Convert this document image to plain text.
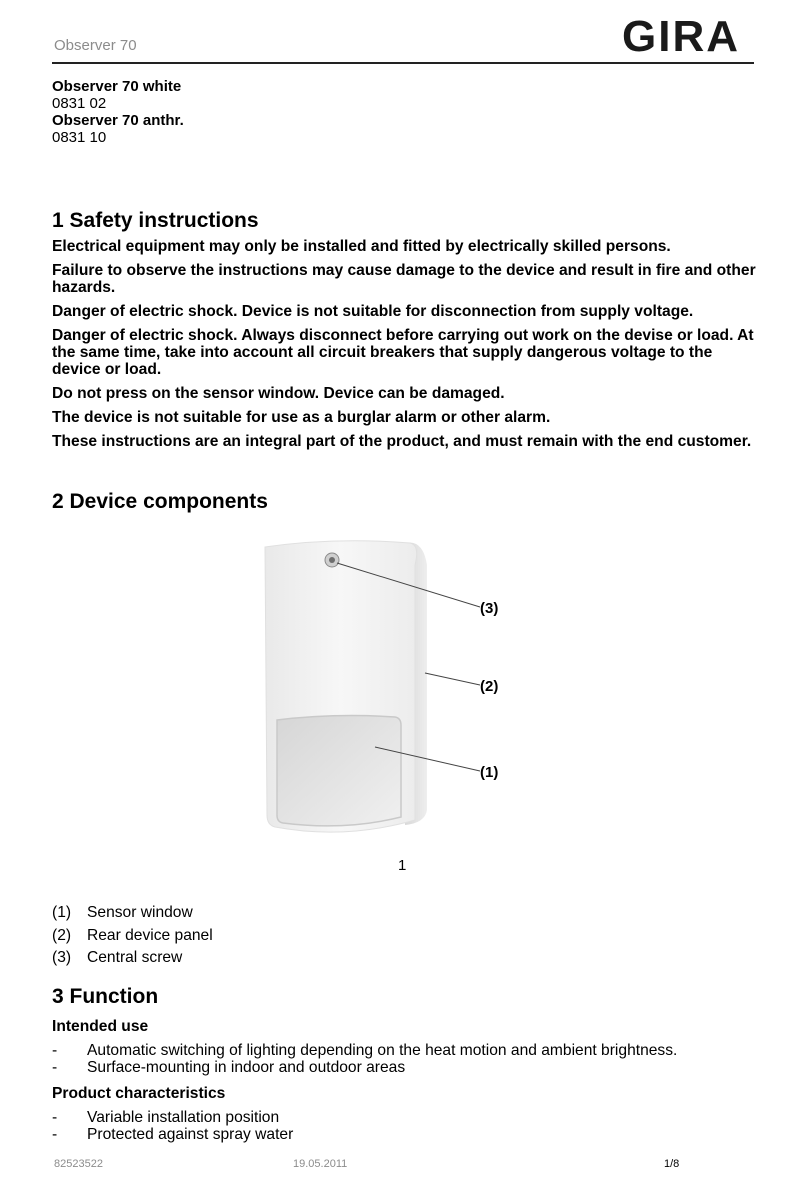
Observer 70	GIRA
Observer 70 white
0831 02
Observer 70 anthr.
0831 10
1 Safety instructions

Electrical equipment may only be installed and fitted by electrically skilled persons.

Failure to observe the instructions may cause damage to the device and result in fire and other hazards.

Danger of electric shock. Device is not suitable for disconnection from supply voltage.

Danger of electric shock. Always disconnect before carrying out work on the devise or load. At the same time, take into account all circuit breakers that supply dangerous voltage to the device or load.

Do not press on the sensor window. Device can be damaged.

The device is not suitable for use as a burglar alarm or other alarm.

These instructions are an integral part of the product, and must remain with the end customer.

2 Device components
(3)
(2)
(1)
1
(1)	Sensor window
(2)	Rear device panel
(3)	Central screw
3 Function
Intended use
-	Automatic switching of lighting depending on the heat motion and ambient brightness.
-	Surface-mounting in indoor and outdoor areas
Product characteristics
-	Variable installation position
-	Protected against spray water
82523522	19.05.2011	1/8
